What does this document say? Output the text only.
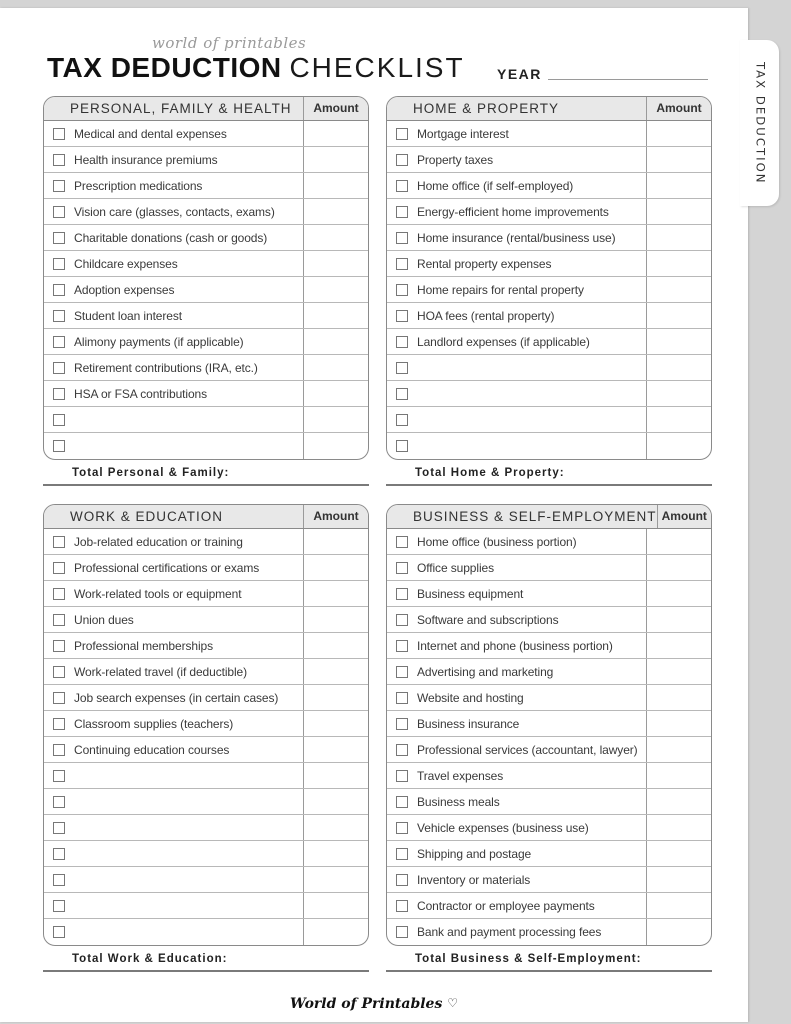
world of printables
TAX DEDUCTION CHECKLIST YEAR
PERSONAL, FAMILY & HEALTH	Amount
Medical and dental expenses
Health insurance premiums
Prescription medications
Vision care (glasses, contacts, exams)
Charitable donations (cash or goods)
Childcare expenses
Adoption expenses
Student loan interest
Alimony payments (if applicable)
Retirement contributions (IRA, etc.)
HSA or FSA contributions
Total Personal & Family:
HOME & PROPERTY	Amount
Mortgage interest
Property taxes
Home office (if self-employed)
Energy-efficient home improvements
Home insurance (rental/business use)
Rental property expenses
Home repairs for rental property
HOA fees (rental property)
Landlord expenses (if applicable)
Total Home & Property:
WORK & EDUCATION	Amount
Job-related education or training
Professional certifications or exams
Work-related tools or equipment
Union dues
Professional memberships
Work-related travel (if deductible)
Job search expenses (in certain cases)
Classroom supplies (teachers)
Continuing education courses
Total Work & Education:
BUSINESS & SELF-EMPLOYMENT Amount
Home office (business portion)
Office supplies
Business equipment
Software and subscriptions
Internet and phone (business portion)
Advertising and marketing
Website and hosting
Business insurance
Professional services (accountant, lawyer)
Travel expenses
Business meals
Vehicle expenses (business use)
Shipping and postage
Inventory or materials
Contractor or employee payments
Bank and payment processing fees
Total Business & Self-Employment:
World of Printables ♡
TAX DEDUCTION
